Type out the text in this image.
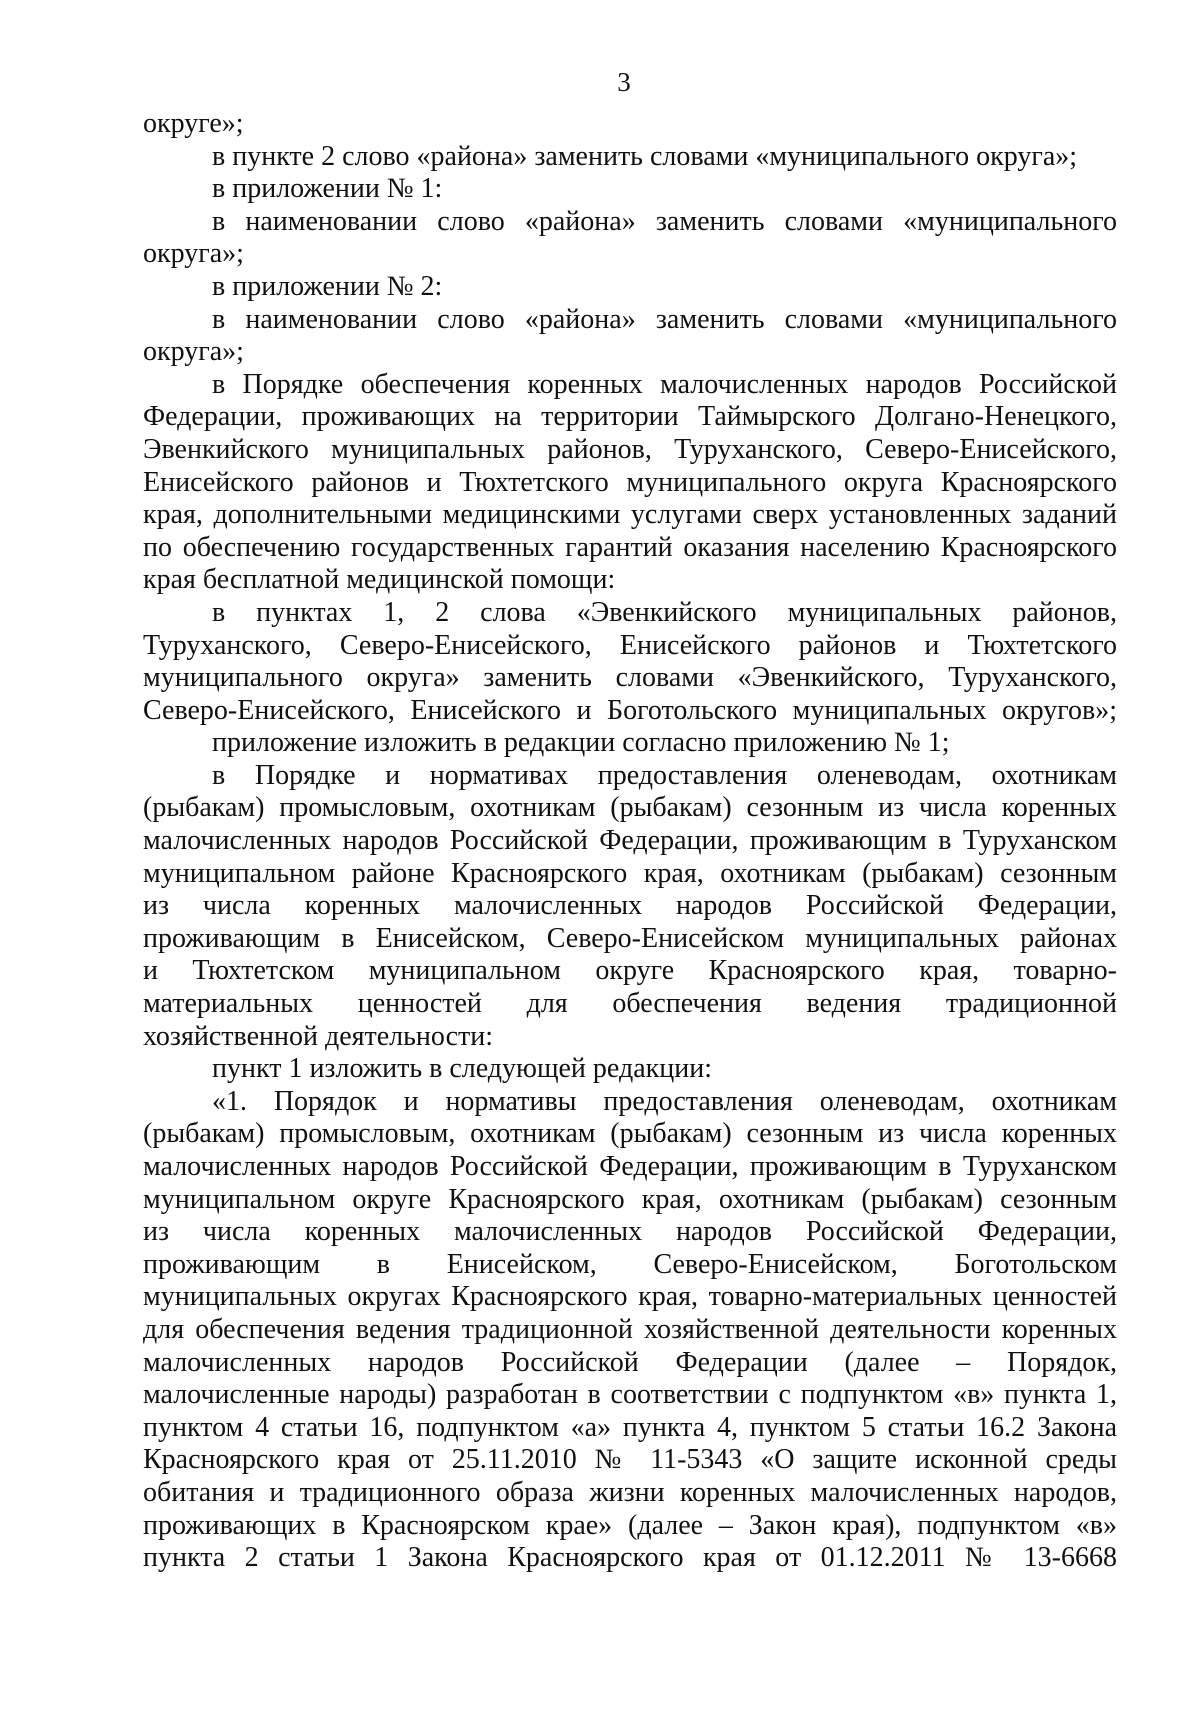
3
округе»;
в пункте 2 слово «района» заменить словами «муниципального округа»;
в приложении № 1:
в наименовании слово «района» заменить словами «муниципального
округа»;
в приложении № 2:
в наименовании слово «района» заменить словами «муниципального
округа»;
в Порядке обеспечения коренных малочисленных народов Российской
Федерации, проживающих на территории Таймырского Долгано-Ненецкого,
Эвенкийского муниципальных районов, Туруханского, Северо-Енисейского,
Енисейского районов и Тюхтетского муниципального округа Красноярского
края, дополнительными медицинскими услугами сверх установленных заданий
по обеспечению государственных гарантий оказания населению Красноярского
края бесплатной медицинской помощи:
в пунктах 1, 2 слова «Эвенкийского муниципальных районов,
Туруханского, Северо-Енисейского, Енисейского районов и Тюхтетского
муниципального округа» заменить словами «Эвенкийского, Туруханского,
Северо-Енисейского, Енисейского и Боготольского муниципальных округов»;
приложение изложить в редакции согласно приложению № 1;
в Порядке и нормативах предоставления оленеводам, охотникам
(рыбакам) промысловым, охотникам (рыбакам) сезонным из числа коренных
малочисленных народов Российской Федерации, проживающим в Туруханском
муниципальном районе Красноярского края, охотникам (рыбакам) сезонным
из числа коренных малочисленных народов Российской Федерации,
проживающим в Енисейском, Северо-Енисейском муниципальных районах
и Тюхтетском муниципальном округе Красноярского края, товарно-
материальных ценностей для обеспечения ведения традиционной
хозяйственной деятельности:
пункт 1 изложить в следующей редакции:
«1. Порядок и нормативы предоставления оленеводам, охотникам
(рыбакам) промысловым, охотникам (рыбакам) сезонным из числа коренных
малочисленных народов Российской Федерации, проживающим в Туруханском
муниципальном округе Красноярского края, охотникам (рыбакам) сезонным
из числа коренных малочисленных народов Российской Федерации,
проживающим в Енисейском, Северо-Енисейском, Боготольском
муниципальных округах Красноярского края, товарно-материальных ценностей
для обеспечения ведения традиционной хозяйственной деятельности коренных
малочисленных народов Российской Федерации (далее – Порядок,
малочисленные народы) разработан в соответствии с подпунктом «в» пункта 1,
пунктом 4 статьи 16, подпунктом «а» пункта 4, пунктом 5 статьи 16.2 Закона
Красноярского края от 25.11.2010 № 11-5343 «О защите исконной среды
обитания и традиционного образа жизни коренных малочисленных народов,
проживающих в Красноярском крае» (далее – Закон края), подпунктом «в»
пункта 2 статьи 1 Закона Красноярского края от 01.12.2011 № 13-6668
